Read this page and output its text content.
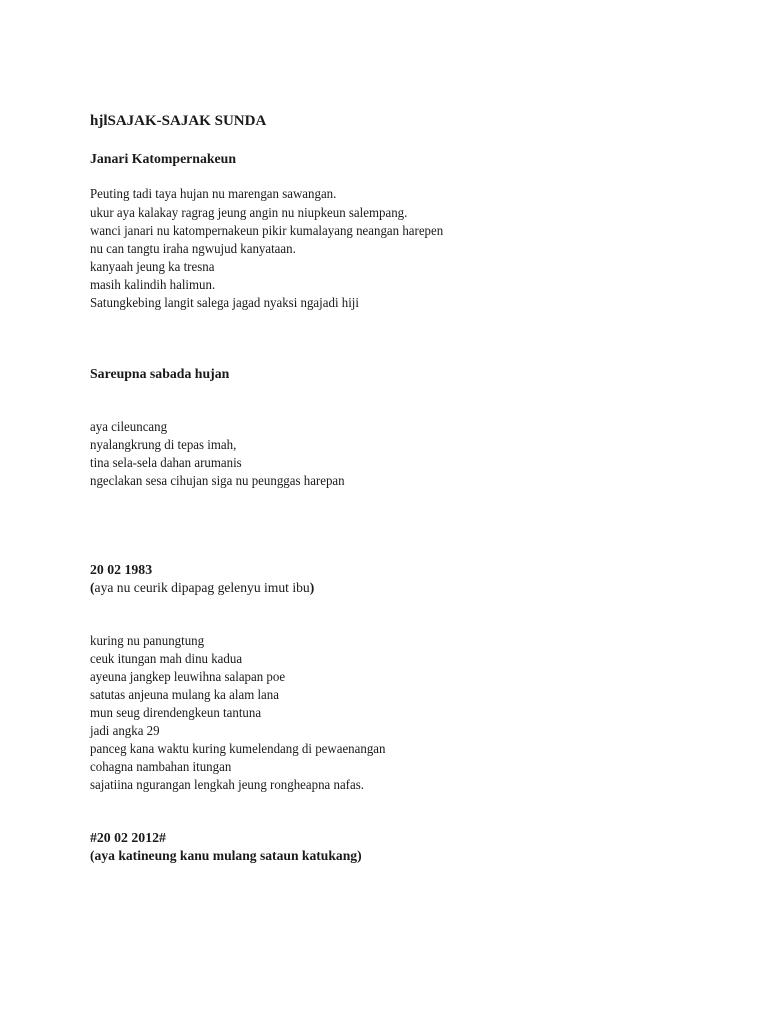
hjlSAJAK-SAJAK SUNDA
Janari Katompernakeun
Peuting tadi taya hujan nu marengan sawangan.
ukur aya kalakay ragrag jeung angin nu niupkeun salempang.
wanci janari nu katompernakeun pikir kumalayang neangan harepen
nu can tangtu iraha ngwujud kanyataan.
kanyaah jeung ka tresna
masih kalindih halimun.
Satungkebing langit salega jagad nyaksi ngajadi hiji
Sareupna sabada hujan
aya cileuncang
nyalangkrung di tepas imah,
tina sela-sela dahan arumanis
ngeclakan sesa cihujan siga nu peunggas harepan
20 02 1983
(aya nu ceurik dipapag gelenyu imut ibu)
kuring nu panungtung
ceuk itungan mah dinu kadua
ayeuna jangkep leuwihna salapan poe
satutas anjeuna mulang ka alam lana
mun seug direndengkeun tantuna
jadi angka 29
panceg kana waktu kuring kumelendang di pewaenangan
cohagna nambahan itungan
sajatiina ngurangan lengkah jeung rongheapna nafas.
#20 02 2012#
(aya katineung kanu mulang sataun katukang)
